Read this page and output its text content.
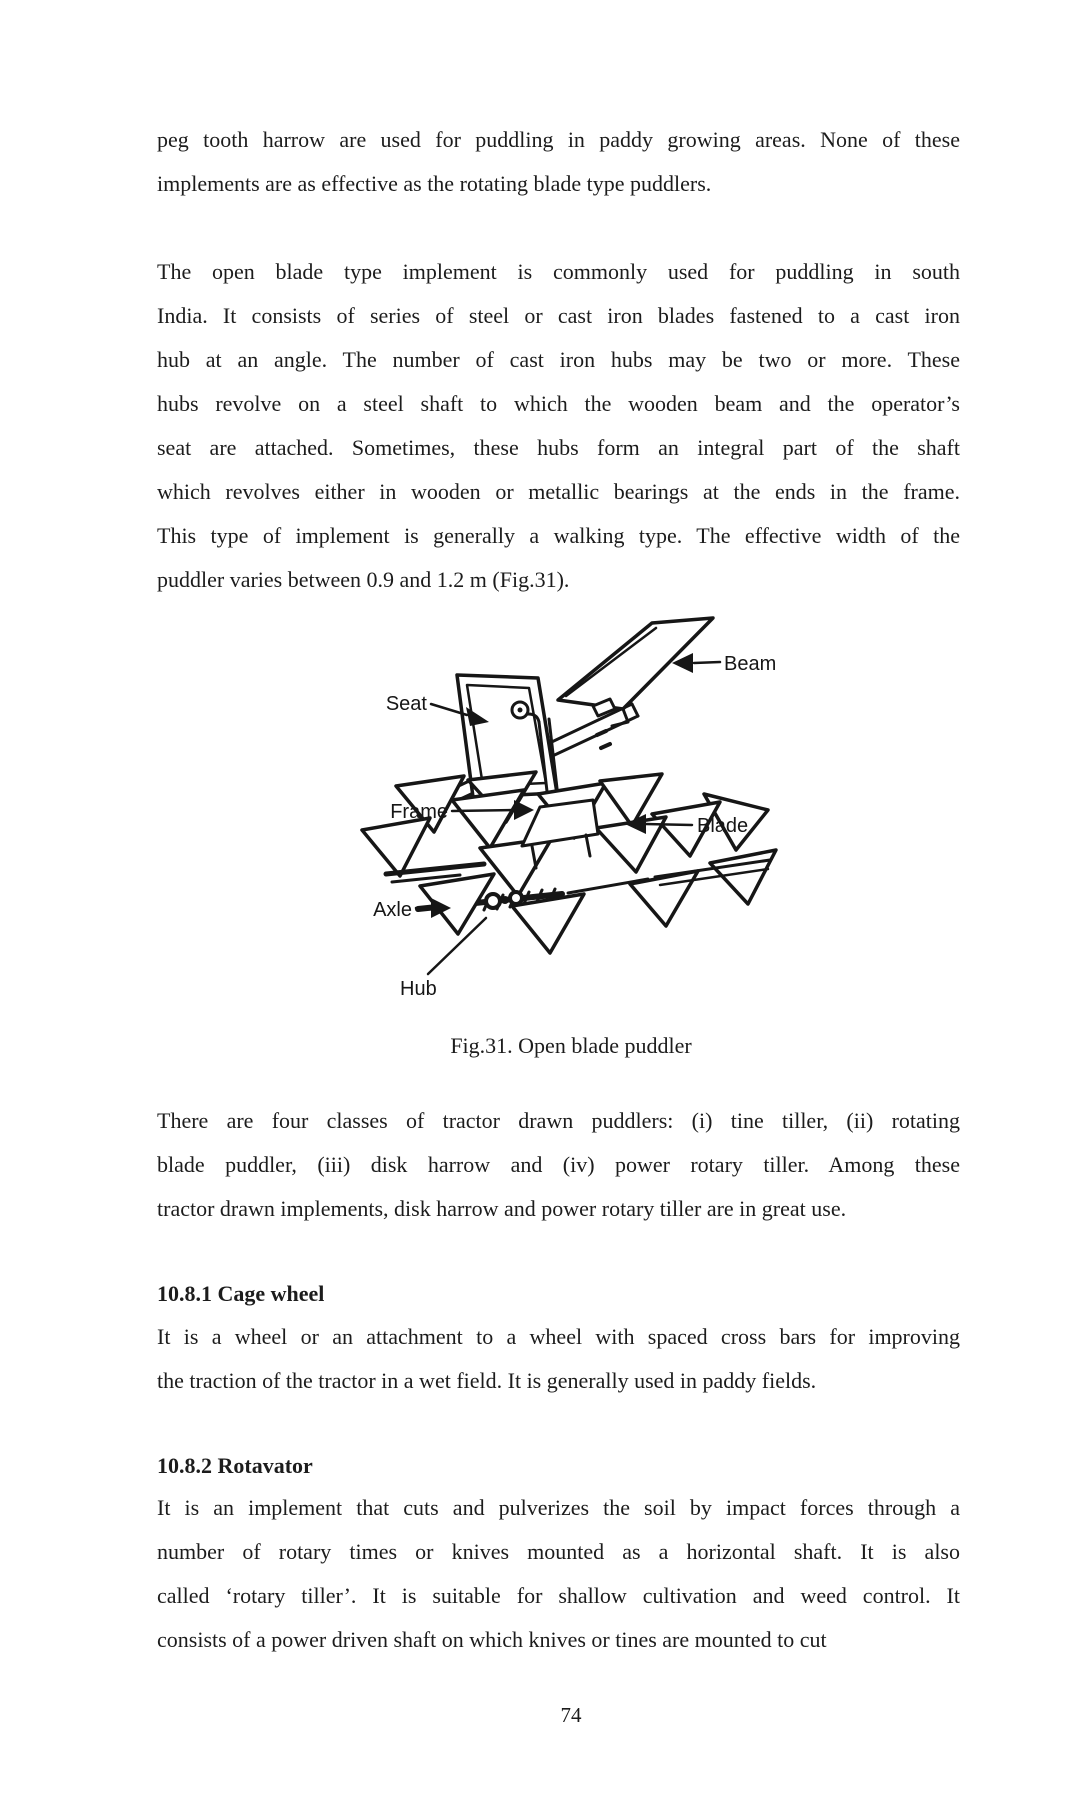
peg tooth harrow are used for puddling in paddy growing areas. None of these
implements are as effective as the rotating blade type puddlers.
The open blade type implement is commonly used for puddling in south
India. It consists of series of steel or cast iron blades fastened to a cast iron
hub at an angle. The number of cast iron hubs may be two or more. These
hubs revolve on a steel shaft to which the wooden beam and the operator’s
seat are attached. Sometimes, these hubs form an integral part of the shaft
which revolves either in wooden or metallic bearings at the ends in the frame.
This type of implement is generally a walking type. The effective width of the
puddler varies between 0.9 and 1.2 m (Fig.31).
Beam
Seat
Frame
Blade
Axle
Hub
Fig.31. Open blade puddler
There are four classes of tractor drawn puddlers: (i) tine tiller, (ii) rotating
blade puddler, (iii) disk harrow and (iv) power rotary tiller. Among these
tractor drawn implements, disk harrow and power rotary tiller are in great use.
10.8.1 Cage wheel
It is a wheel or an attachment to a wheel with spaced cross bars for improving
the traction of the tractor in a wet field. It is generally used in paddy fields.
10.8.2 Rotavator
It is an implement that cuts and pulverizes the soil by impact forces through a
number of rotary times or knives mounted as a horizontal shaft. It is also
called ‘rotary tiller’. It is suitable for shallow cultivation and weed control. It
consists of a power driven shaft on which knives or tines are mounted to cut
74
